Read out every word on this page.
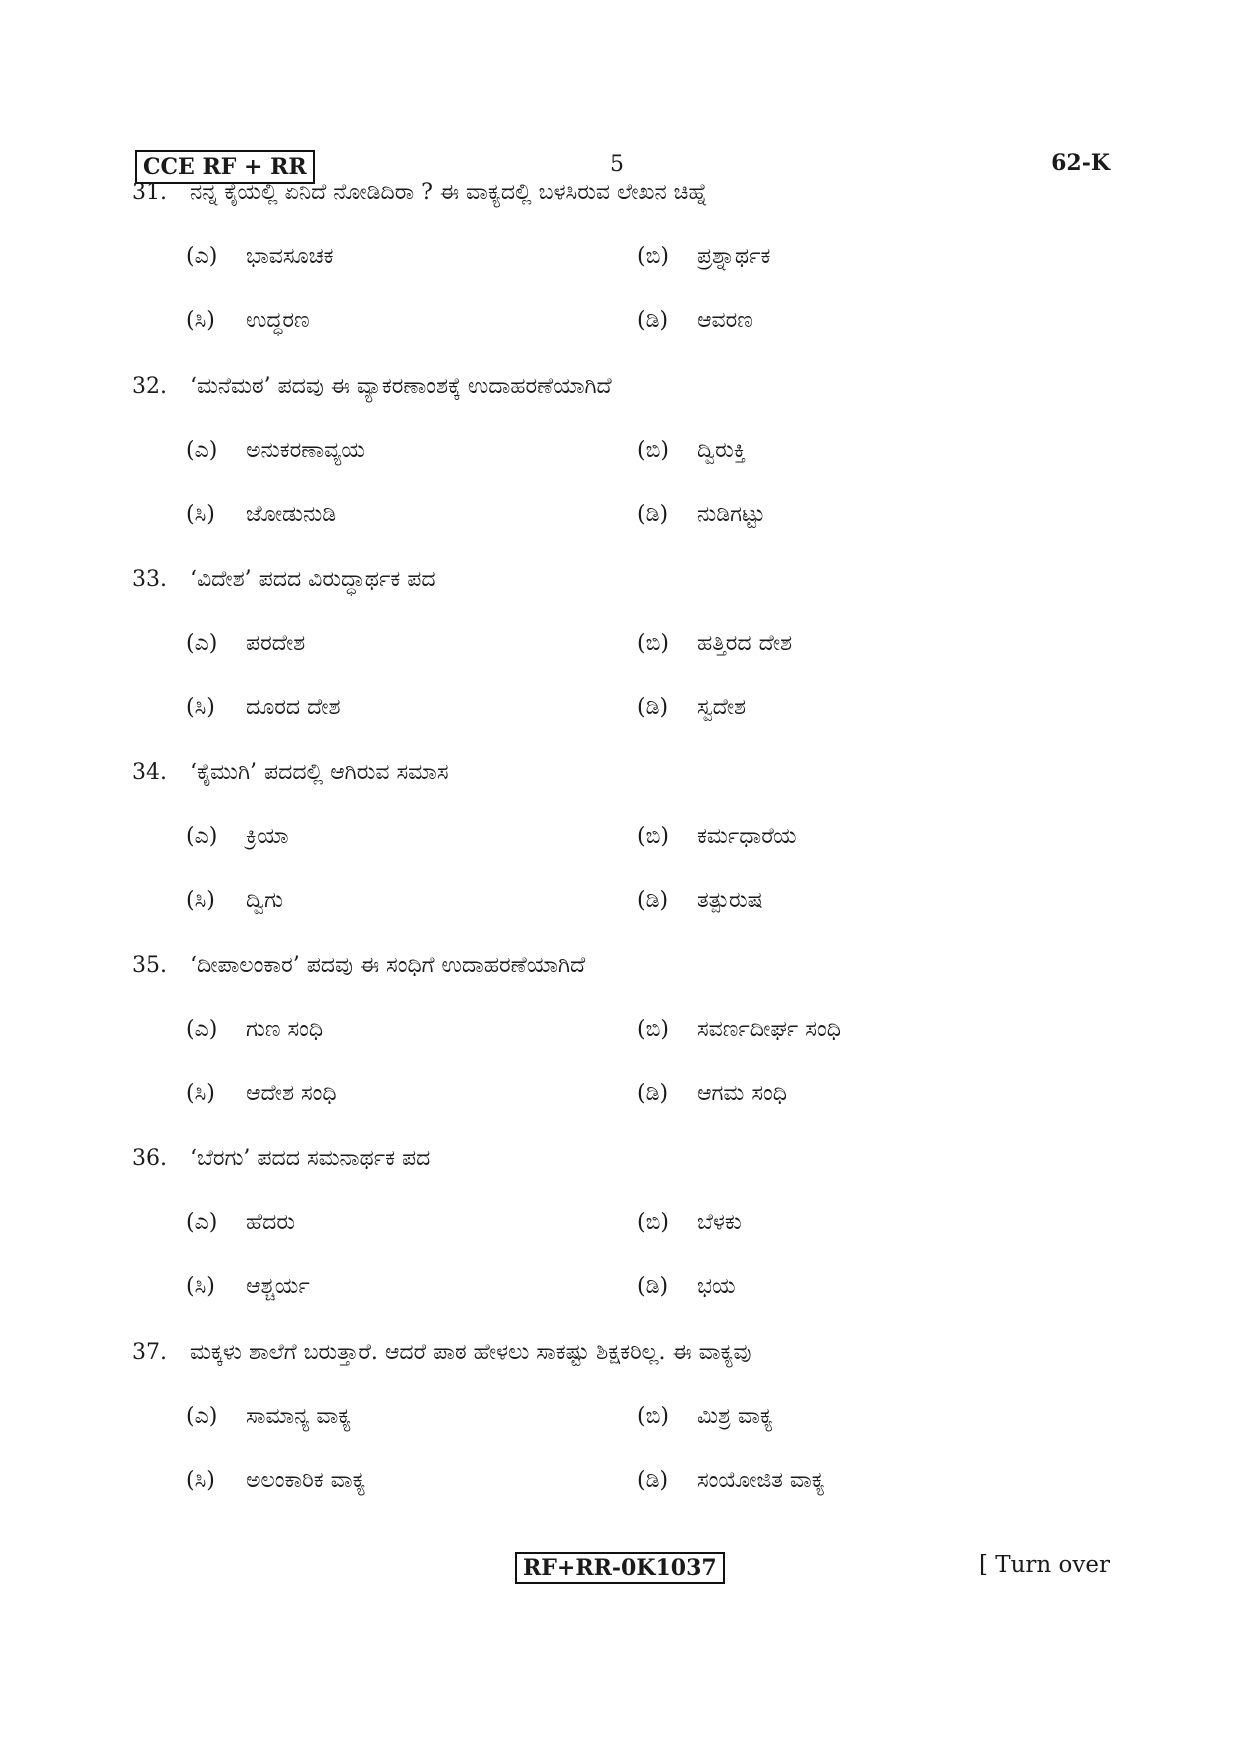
CCE RF + RR	5	62-K
31. ನನ್ನ ಕೈಯಲ್ಲಿ ಏನಿದೆ ನೋಡಿದಿರಾ ? ಈ ವಾಕ್ಯದಲ್ಲಿ ಬಳಸಿರುವ ಲೇಖನ ಚಿಹ್ನೆ
(ಎ) ಭಾವಸೂಚಕ	(ಬಿ) ಪ್ರಶ್ನಾರ್ಥಕ
(ಸಿ) ಉದ್ಧರಣ	(ಡಿ) ಆವರಣ
32. ‘ಮನೆಮಠ’ ಪದವು ಈ ವ್ಯಾಕರಣಾಂಶಕ್ಕೆ ಉದಾಹರಣೆಯಾಗಿದೆ
(ಎ) ಅನುಕರಣಾವ್ಯಯ	(ಬಿ) ದ್ವಿರುಕ್ತಿ
(ಸಿ) ಜೋಡುನುಡಿ	(ಡಿ) ನುಡಿಗಟ್ಟು
33. ‘ವಿದೇಶ’ ಪದದ ವಿರುದ್ಧಾರ್ಥಕ ಪದ
(ಎ) ಪರದೇಶ	(ಬಿ) ಹತ್ತಿರದ ದೇಶ
(ಸಿ) ದೂರದ ದೇಶ	(ಡಿ) ಸ್ವದೇಶ
34. ‘ಕೈಮುಗಿ’ ಪದದಲ್ಲಿ ಆಗಿರುವ ಸಮಾಸ
(ಎ) ಕ್ರಿಯಾ	(ಬಿ) ಕರ್ಮಧಾರೆಯ
(ಸಿ) ದ್ವಿಗು	(ಡಿ) ತತ್ಪುರುಷ
35. ‘ದೀಪಾಲಂಕಾರ’ ಪದವು ಈ ಸಂಧಿಗೆ ಉದಾಹರಣೆಯಾಗಿದೆ
(ಎ) ಗುಣ ಸಂಧಿ	(ಬಿ) ಸವರ್ಣದೀರ್ಘ ಸಂಧಿ
(ಸಿ) ಆದೇಶ ಸಂಧಿ	(ಡಿ) ಆಗಮ ಸಂಧಿ
36. ‘ಬೆರಗು’ ಪದದ ಸಮನಾರ್ಥಕ ಪದ
(ಎ) ಹೆದರು	(ಬಿ) ಬೆಳಕು
(ಸಿ) ಆಶ್ಚರ್ಯ	(ಡಿ) ಭಯ
37. ಮಕ್ಕಳು ಶಾಲೆಗೆ ಬರುತ್ತಾರೆ. ಆದರೆ ಪಾಠ ಹೇಳಲು ಸಾಕಷ್ಟು ಶಿಕ್ಷಕರಿಲ್ಲ. ಈ ವಾಕ್ಯವು
(ಎ) ಸಾಮಾನ್ಯ ವಾಕ್ಯ	(ಬಿ) ಮಿಶ್ರ ವಾಕ್ಯ
(ಸಿ) ಅಲಂಕಾರಿಕ ವಾಕ್ಯ	(ಡಿ) ಸಂಯೋಜಿತ ವಾಕ್ಯ
RF+RR-0K1037	[ Turn over
